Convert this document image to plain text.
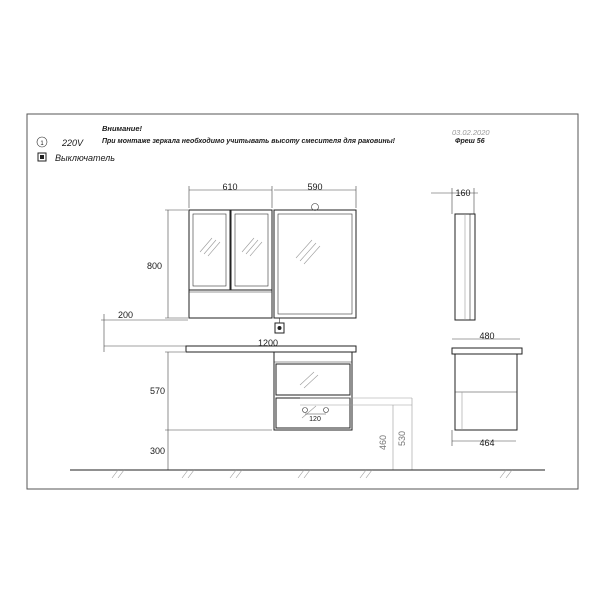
Внимание!
При монтаже зеркала необходимо учитывать высоту смесителя для раковины!
03.02.2020
Фреш 56
1 220V
Выключатель
610	590
800
200
1200
120
570
300
460 530
160
480
464
